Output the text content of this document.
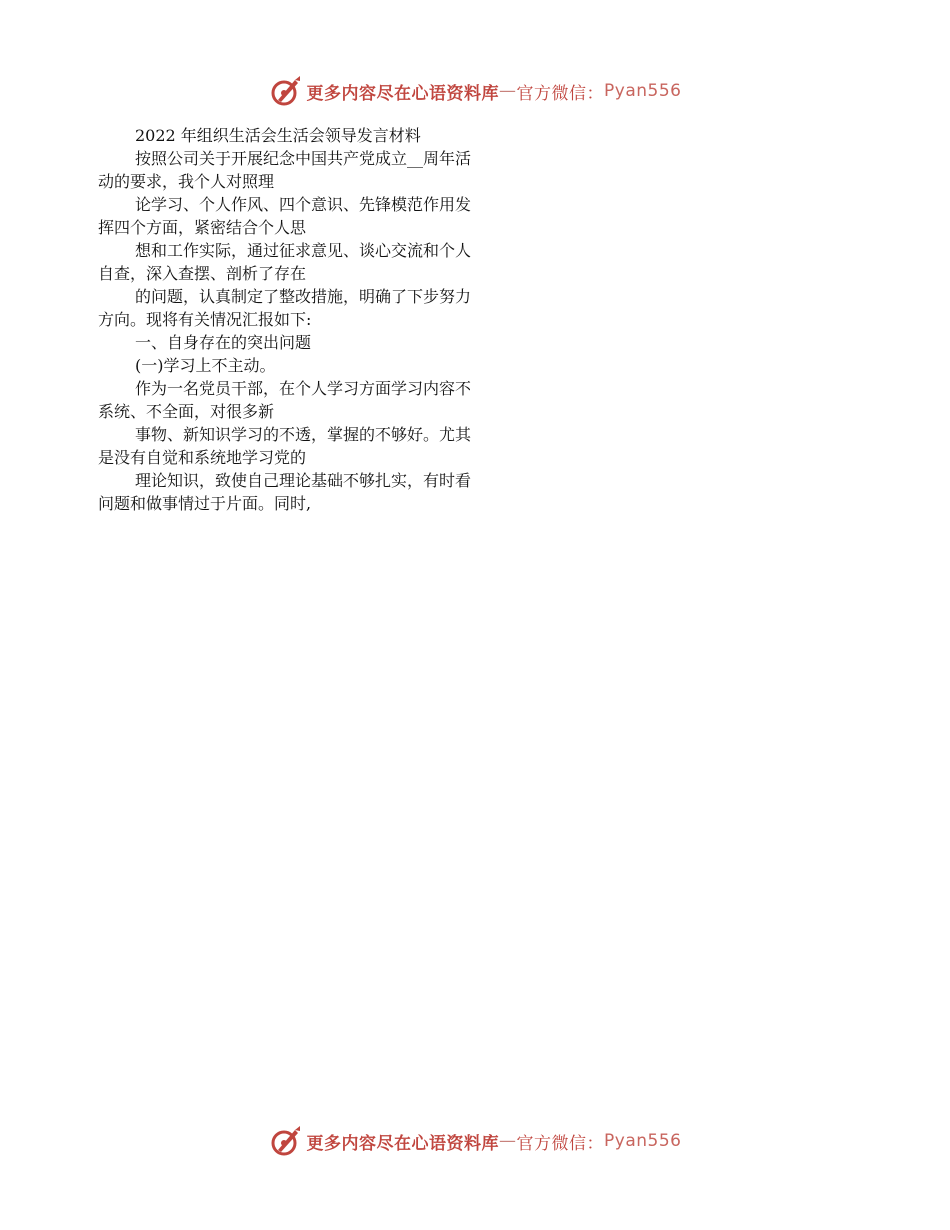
更多内容尽在心语资料库 — 官方微信 ： Pyan556
2022 年组织生活会生活会领导发言材料
按照公司关于开展纪念中国共产党成立__周年活
动的要求，我个人对照理
论学习、个人作风、四个意识、先锋模范作用发
挥四个方面，紧密结合个人思
想和工作实际，通过征求意见、谈心交流和个人
自查，深入查摆、剖析了存在
的问题，认真制定了整改措施，明确了下步努力
方向。现将有关情况汇报如下:
一、自身存在的突出问题
(一)学习上不主动。
作为一名党员干部，在个人学习方面学习内容不
系统、不全面，对很多新
事物、新知识学习的不透，掌握的不够好。尤其
是没有自觉和系统地学习党的
理论知识，致使自己理论基础不够扎实，有时看
问题和做事情过于片面。同时,
更多内容尽在心语资料库 — 官方微信 ： Pyan556
